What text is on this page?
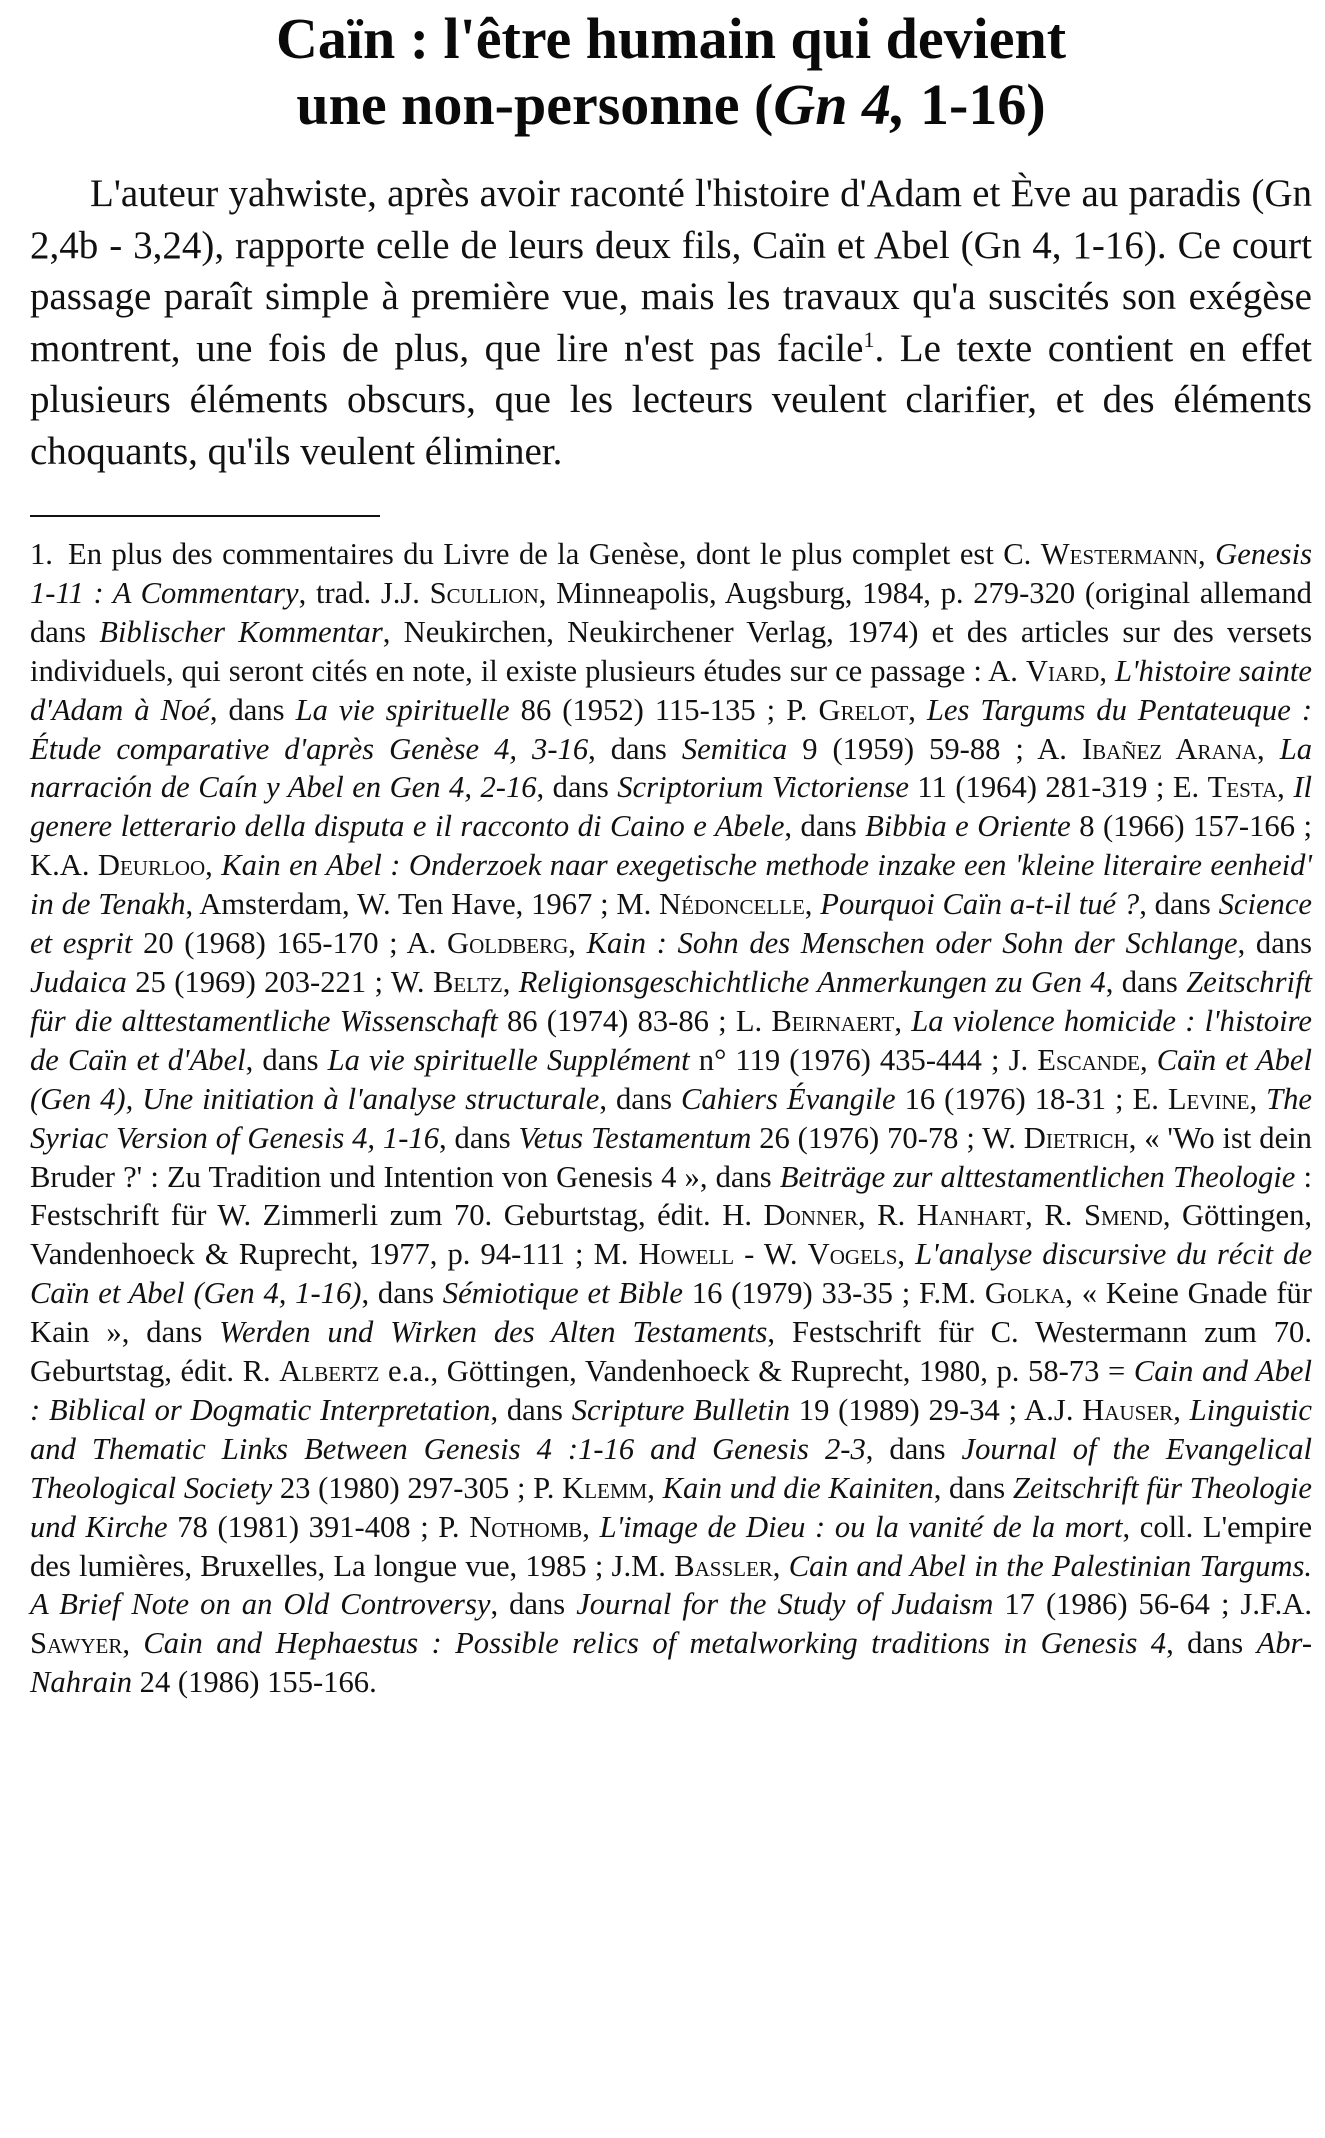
Caïn : l'être humain qui devient
une non-personne (Gn 4, 1-16)

L'auteur yahwiste, après avoir raconté l'histoire d'Adam et Ève au paradis (Gn 2,4b - 3,24), rapporte celle de leurs deux fils, Caïn et Abel (Gn 4, 1-16). Ce court passage paraît simple à première vue, mais les travaux qu'a suscités son exégèse montrent, une fois de plus, que lire n'est pas facile$^1$. Le texte contient en effet plusieurs éléments obscurs, que les lecteurs veulent clarifier, et des éléments choquants, qu'ils veulent éliminer.

1. En plus des commentaires du Livre de la Genèse, dont le plus complet est C. Westermann, Genesis 1-11 : A Commentary, trad. J.J. Scullion, Minneapolis, Augsburg, 1984, p. 279-320 (original allemand dans Biblischer Kommentar, Neukirchen, Neukirchener Verlag, 1974) et des articles sur des versets individuels, qui seront cités en note, il existe plusieurs études sur ce passage : A. Viard, L'histoire sainte d'Adam à Noé, dans La vie spirituelle 86 (1952) 115-135 ; P. Grelot, Les Targums du Pentateuque : Étude comparative d'après Genèse 4, 3-16, dans Semitica 9 (1959) 59-88 ; A. Ibañez Arana, La narración de Caín y Abel en Gen 4, 2-16, dans Scriptorium Victoriense 11 (1964) 281-319 ; E. Testa, Il genere letterario della disputa e il racconto di Caino e Abele, dans Bibbia e Oriente 8 (1966) 157-166 ; K.A. Deurloo, Kain en Abel : Onderzoek naar exegetische methode inzake een 'kleine literaire eenheid' in de Tenakh, Amsterdam, W. Ten Have, 1967 ; M. Nédoncelle, Pourquoi Caïn a-t-il tué ?, dans Science et esprit 20 (1968) 165-170 ; A. Goldberg, Kain : Sohn des Menschen oder Sohn der Schlange, dans Judaica 25 (1969) 203-221 ; W. Beltz, Religionsgeschichtliche Anmerkungen zu Gen 4, dans Zeitschrift für die alttestamentliche Wissenschaft 86 (1974) 83-86 ; L. Beirnaert, La violence homicide : l'histoire de Caïn et d'Abel, dans La vie spirituelle Supplément n° 119 (1976) 435-444 ; J. Escande, Caïn et Abel (Gen 4), Une initiation à l'analyse structurale, dans Cahiers Évangile 16 (1976) 18-31 ; E. Levine, The Syriac Version of Genesis 4, 1-16, dans Vetus Testamentum 26 (1976) 70-78 ; W. Dietrich, « 'Wo ist dein Bruder ?' : Zu Tradition und Intention von Genesis 4 », dans Beiträge zur alttestamentlichen Theologie : Festschrift für W. Zimmerli zum 70. Geburtstag, édit. H. Donner, R. Hanhart, R. Smend, Göttingen, Vandenhoeck & Ruprecht, 1977, p. 94-111 ; M. Howell - W. Vogels, L'analyse discursive du récit de Caïn et Abel (Gen 4, 1-16), dans Sémiotique et Bible 16 (1979) 33-35 ; F.M. Golka, « Keine Gnade für Kain », dans Werden und Wirken des Alten Testaments, Festschrift für C. Westermann zum 70. Geburtstag, édit. R. Albertz e.a., Göttingen, Vandenhoeck & Ruprecht, 1980, p. 58-73 = Cain and Abel : Biblical or Dogmatic Interpretation, dans Scripture Bulletin 19 (1989) 29-34 ; A.J. Hauser, Linguistic and Thematic Links Between Genesis 4 :1-16 and Genesis 2-3, dans Journal of the Evangelical Theological Society 23 (1980) 297-305 ; P. Klemm, Kain und die Kainiten, dans Zeitschrift für Theologie und Kirche 78 (1981) 391-408 ; P. Nothomb, L'image de Dieu : ou la vanité de la mort, coll. L'empire des lumières, Bruxelles, La longue vue, 1985 ; J.M. Bassler, Cain and Abel in the Palestinian Targums. A Brief Note on an Old Controversy, dans Journal for the Study of Judaism 17 (1986) 56-64 ; J.F.A. Sawyer, Cain and Hephaestus : Possible relics of metalworking traditions in Genesis 4, dans Abr-Nahrain 24 (1986) 155-166.
